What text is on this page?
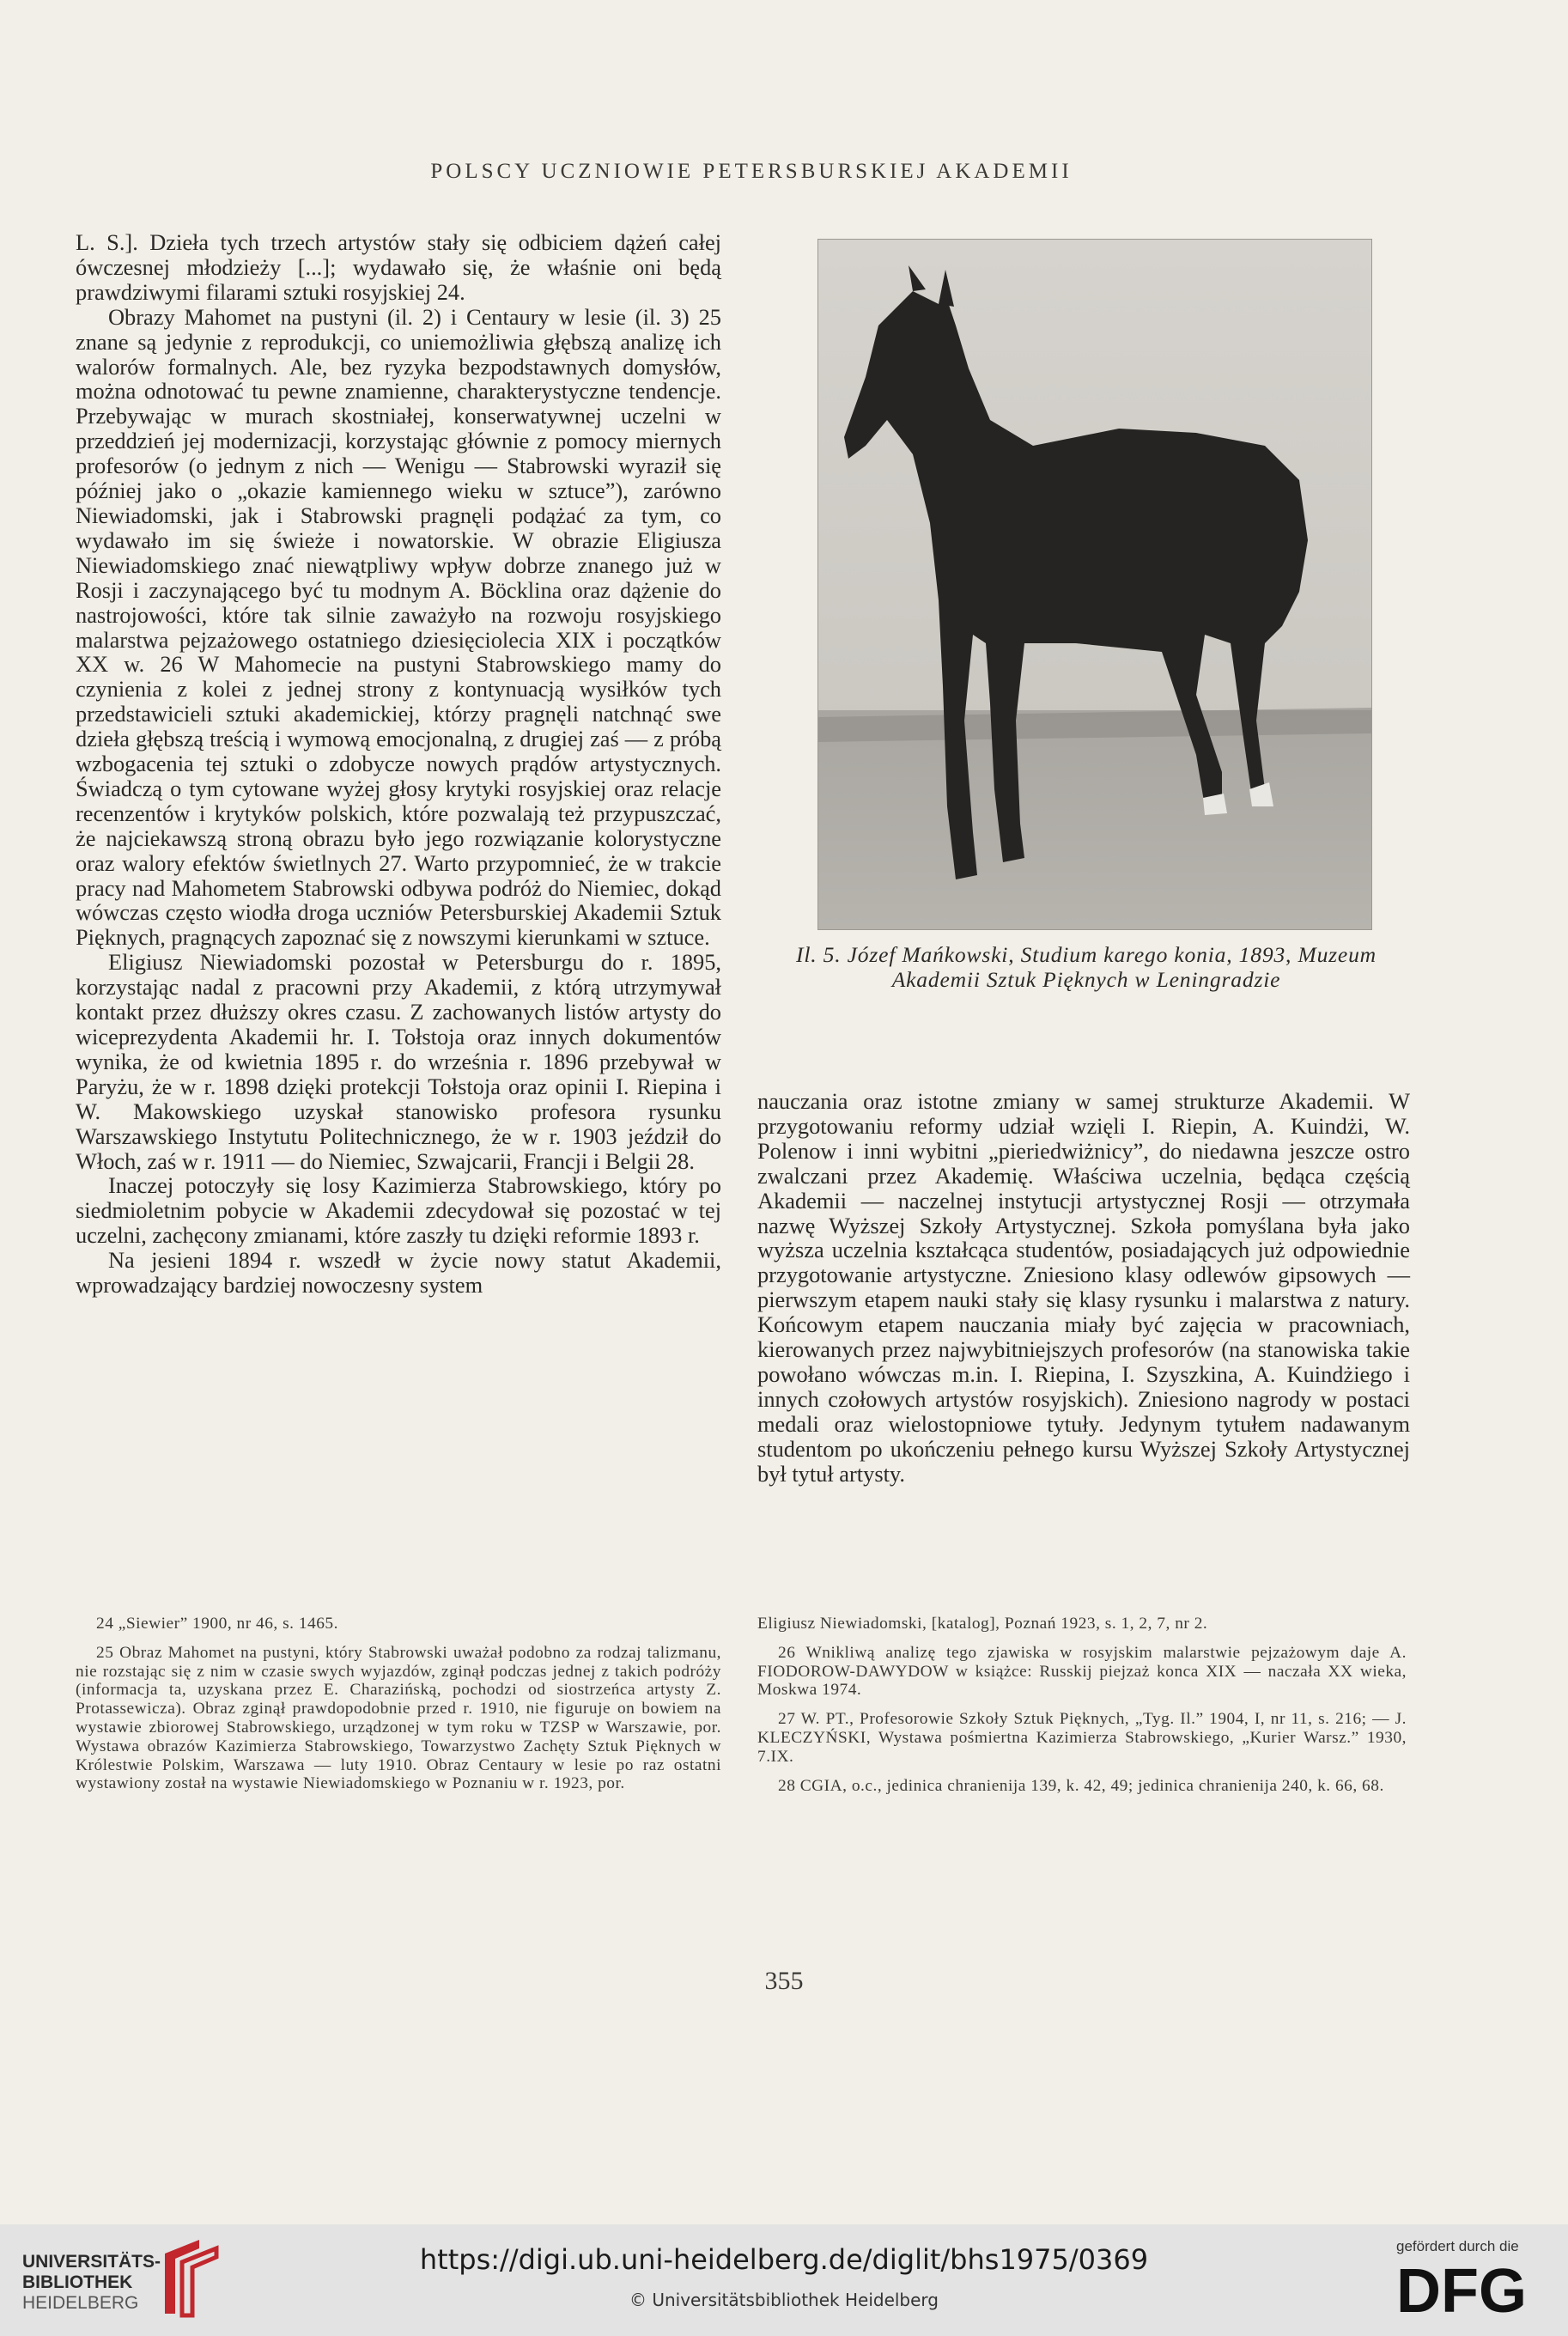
POLSCY UCZNIOWIE PETERSBURSKIEJ AKADEMII

L. S.]. Dzieła tych trzech artystów stały się odbiciem dążeń całej ówczesnej młodzieży [...]; wydawało się, że właśnie oni będą prawdziwymi filarami sztuki rosyjskiej 24.

Obrazy Mahomet na pustyni (il. 2) i Centaury w lesie (il. 3) 25 znane są jedynie z reprodukcji, co uniemożliwia głębszą analizę ich walorów formalnych. Ale, bez ryzyka bezpodstawnych domysłów, można odnotować tu pewne znamienne, charakterystyczne tendencje. Przebywając w murach skostniałej, konserwatywnej uczelni w przeddzień jej modernizacji, korzystając głównie z pomocy miernych profesorów (o jednym z nich — Wenigu — Stabrowski wyraził się później jako o „okazie kamiennego wieku w sztuce”), zarówno Niewiadomski, jak i Stabrowski pragnęli podążać za tym, co wydawało im się świeże i nowatorskie. W obrazie Eligiusza Niewiadomskiego znać niewątpliwy wpływ dobrze znanego już w Rosji i zaczynającego być tu modnym A. Böcklina oraz dążenie do nastrojowości, które tak silnie zaważyło na rozwoju rosyjskiego malarstwa pejzażowego ostatniego dziesięciolecia XIX i początków XX w. 26 W Mahomecie na pustyni Stabrowskiego mamy do czynienia z kolei z jednej strony z kontynuacją wysiłków tych przedstawicieli sztuki akademickiej, którzy pragnęli natchnąć swe dzieła głębszą treścią i wymową emocjonalną, z drugiej zaś — z próbą wzbogacenia tej sztuki o zdobycze nowych prądów artystycznych. Świadczą o tym cytowane wyżej głosy krytyki rosyjskiej oraz relacje recenzentów i krytyków polskich, które pozwalają też przypuszczać, że najciekawszą stroną obrazu było jego rozwiązanie kolorystyczne oraz walory efektów świetlnych 27. Warto przypomnieć, że w trakcie pracy nad Mahometem Stabrowski odbywa podróż do Niemiec, dokąd wówczas często wiodła droga uczniów Petersburskiej Akademii Sztuk Pięknych, pragnących zapoznać się z nowszymi kierunkami w sztuce.

Eligiusz Niewiadomski pozostał w Petersburgu do r. 1895, korzystając nadal z pracowni przy Akademii, z którą utrzymywał kontakt przez dłuższy okres czasu. Z zachowanych listów artysty do wiceprezydenta Akademii hr. I. Tołstoja oraz innych dokumentów wynika, że od kwietnia 1895 r. do września r. 1896 przebywał w Paryżu, że w r. 1898 dzięki protekcji Tołstoja oraz opinii I. Riepina i W. Makowskiego uzyskał stanowisko profesora rysunku Warszawskiego Instytutu Politechnicznego, że w r. 1903 jeździł do Włoch, zaś w r. 1911 — do Niemiec, Szwajcarii, Francji i Belgii 28.

Inaczej potoczyły się losy Kazimierza Stabrowskiego, który po siedmioletnim pobycie w Akademii zdecydował się pozostać w tej uczelni, zachęcony zmianami, które zaszły tu dzięki reformie 1893 r.

Na jesieni 1894 r. wszedł w życie nowy statut Akademii, wprowadzający bardziej nowoczesny system

Il. 5. Józef Mańkowski, Studium karego konia, 1893, Muzeum Akademii Sztuk Pięknych w Leningradzie

nauczania oraz istotne zmiany w samej strukturze Akademii. W przygotowaniu reformy udział wzięli I. Riepin, A. Kuindżi, W. Polenow i inni wybitni „pieriedwiżnicy”, do niedawna jeszcze ostro zwalczani przez Akademię. Właściwa uczelnia, będąca częścią Akademii — naczelnej instytucji artystycznej Rosji — otrzymała nazwę Wyższej Szkoły Artystycznej. Szkoła pomyślana była jako wyższa uczelnia kształcąca studentów, posiadających już odpowiednie przygotowanie artystyczne. Zniesiono klasy odlewów gipsowych — pierwszym etapem nauki stały się klasy rysunku i malarstwa z natury. Końcowym etapem nauczania miały być zajęcia w pracowniach, kierowanych przez najwybitniejszych profesorów (na stanowiska takie powołano wówczas m.in. I. Riepina, I. Szyszkina, A. Kuindżiego i innych czołowych artystów rosyjskich). Zniesiono nagrody w postaci medali oraz wielostopniowe tytuły. Jedynym tytułem nadawanym studentom po ukończeniu pełnego kursu Wyższej Szkoły Artystycznej był tytuł artysty.

24 „Siewier” 1900, nr 46, s. 1465.

25 Obraz Mahomet na pustyni, który Stabrowski uważał podobno za rodzaj talizmanu, nie rozstając się z nim w czasie swych wyjazdów, zginął podczas jednej z takich podróży (informacja ta, uzyskana przez E. Charazińską, pochodzi od siostrzeńca artysty Z. Protassewicza). Obraz zginął prawdopodobnie przed r. 1910, nie figuruje on bowiem na wystawie zbiorowej Stabrowskiego, urządzonej w tym roku w TZSP w Warszawie, por. Wystawa obrazów Kazimierza Stabrowskiego, Towarzystwo Zachęty Sztuk Pięknych w Królestwie Polskim, Warszawa — luty 1910. Obraz Centaury w lesie po raz ostatni wystawiony został na wystawie Niewiadomskiego w Poznaniu w r. 1923, por.

Eligiusz Niewiadomski, [katalog], Poznań 1923, s. 1, 2, 7, nr 2.

26 Wnikliwą analizę tego zjawiska w rosyjskim malarstwie pejzażowym daje A. FIODOROW-DAWYDOW w książce: Russkij piejzaż konca XIX — naczała XX wieka, Moskwa 1974.

27 W. PT., Profesorowie Szkoły Sztuk Pięknych, „Tyg. Il.” 1904, I, nr 11, s. 216; — J. KLECZYŃSKI, Wystawa pośmiertna Kazimierza Stabrowskiego, „Kurier Warsz.” 1930, 7.IX.

28 CGIA, o.c., jedinica chranienija 139, k. 42, 49; jedinica chranienija 240, k. 66, 68.

355
UNIVERSITÄTS-
BIBLIOTHEK
HEIDELBERG
https://digi.ub.uni-heidelberg.de/diglit/bhs1975/0369
© Universitätsbibliothek Heidelberg
gefördert durch die
DFG
